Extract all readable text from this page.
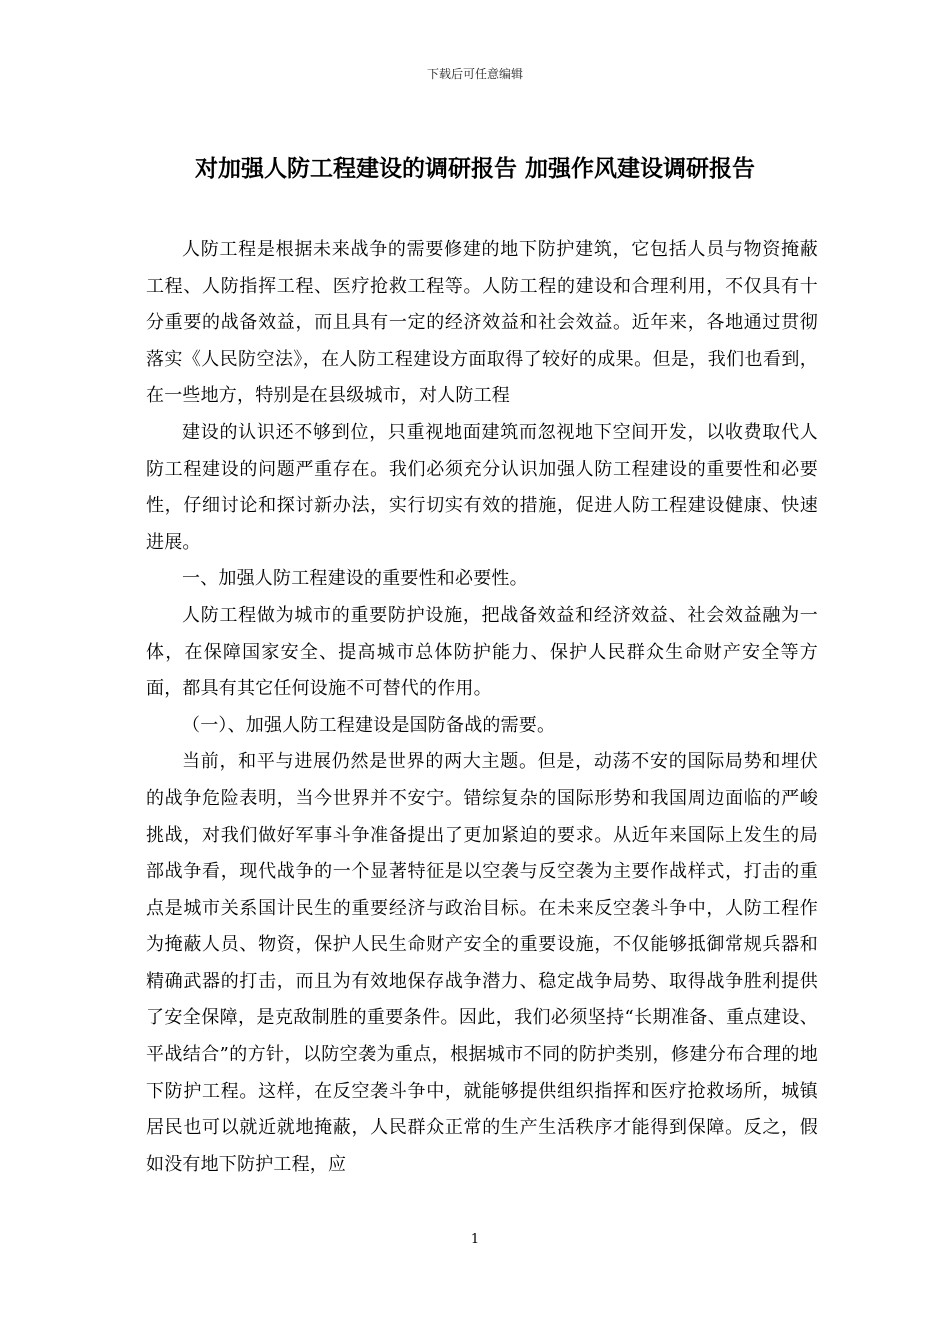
下载后可任意编辑
对加强人防工程建设的调研报告 加强作风建设调研报告

人防工程是根据未来战争的需要修建的地下防护建筑，它包括人员与物资掩蔽工程、人防指挥工程、医疗抢救工程等。人防工程的建设和合理利用，不仅具有十分重要的战备效益，而且具有一定的经济效益和社会效益。近年来，各地通过贯彻落实《人民防空法》，在人防工程建设方面取得了较好的成果。但是，我们也看到，在一些地方，特别是在县级城市，对人防工程

建设的认识还不够到位，只重视地面建筑而忽视地下空间开发，以收费取代人防工程建设的问题严重存在。我们必须充分认识加强人防工程建设的重要性和必要性，仔细讨论和探讨新办法，实行切实有效的措施，促进人防工程建设健康、快速进展。

一、加强人防工程建设的重要性和必要性。

人防工程做为城市的重要防护设施，把战备效益和经济效益、社会效益融为一体，在保障国家安全、提高城市总体防护能力、保护人民群众生命财产安全等方面，都具有其它任何设施不可替代的作用。

（一）、加强人防工程建设是国防备战的需要。

当前，和平与进展仍然是世界的两大主题。但是，动荡不安的国际局势和埋伏的战争危险表明，当今世界并不安宁。错综复杂的国际形势和我国周边面临的严峻挑战，对我们做好军事斗争准备提出了更加紧迫的要求。从近年来国际上发生的局部战争看，现代战争的一个显著特征是以空袭与反空袭为主要作战样式，打击的重点是城市关系国计民生的重要经济与政治目标。在未来反空袭斗争中，人防工程作为掩蔽人员、物资，保护人民生命财产安全的重要设施，不仅能够抵御常规兵器和精确武器的打击，而且为有效地保存战争潜力、稳定战争局势、取得战争胜利提供了安全保障，是克敌制胜的重要条件。因此，我们必须坚持“长期准备、重点建设、平战结合”的方针，以防空袭为重点，根据城市不同的防护类别，修建分布合理的地下防护工程。这样，在反空袭斗争中，就能够提供组织指挥和医疗抢救场所，城镇居民也可以就近就地掩蔽，人民群众正常的生产生活秩序才能得到保障。反之，假如没有地下防护工程，应

1
